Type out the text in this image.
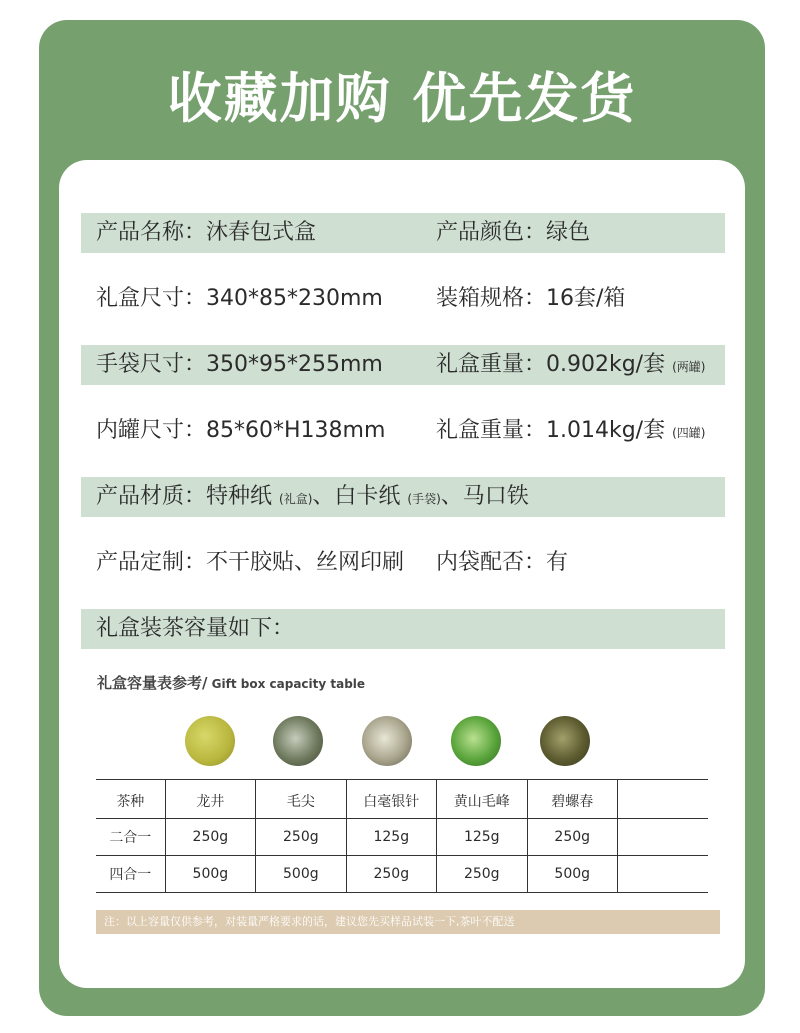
收藏加购 优先发货
产品名称：沐春包式盒	产品颜色：绿色
礼盒尺寸：340*85*230mm 装箱规格：16套/箱
手袋尺寸：350*95*255mm 礼盒重量：0.902kg/套 (两罐)
内罐尺寸：85*60*H138mm 礼盒重量：1.014kg/套 (四罐)
产品材质：特种纸 (礼盒)、白卡纸 (手袋)、马口铁
产品定制：不干胶贴、丝网印刷 内袋配否：有
礼盒装茶容量如下：
礼盒容量表参考/ Gift box capacity table
茶种	龙井	毛尖	白毫银针	黄山毛峰	碧螺春	
二合一	250g	250g	125g	125g	250g	
四合一	500g	500g	250g	250g	500g	
注：以上容量仅供参考，对装量严格要求的话，建议您先买样品试装一下,茶叶不配送
